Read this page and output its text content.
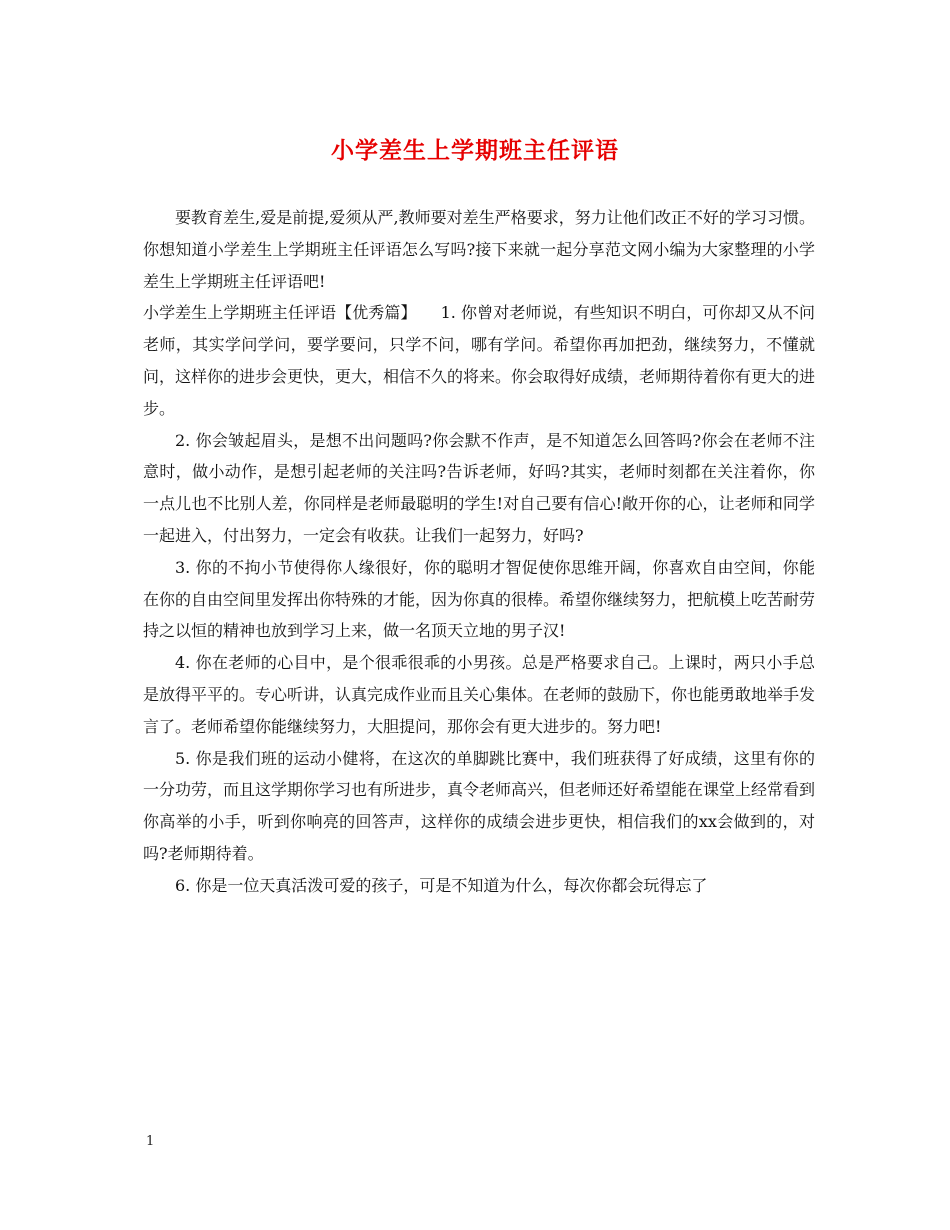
小学差生上学期班主任评语

要教育差生,爱是前提,爱须从严,教师要对差生严格要求，努力让他们改正不好的学习习惯。你想知道小学差生上学期班主任评语怎么写吗?接下来就一起分享范文网小编为大家整理的小学差生上学期班主任评语吧!

小学差生上学期班主任评语【优秀篇】 1. 你曾对老师说，有些知识不明白，可你却又从不问老师，其实学问学问，要学要问，只学不问，哪有学问。希望你再加把劲，继续努力，不懂就问，这样你的进步会更快，更大，相信不久的将来。你会取得好成绩，老师期待着你有更大的进步。

2. 你会皱起眉头，是想不出问题吗?你会默不作声，是不知道怎么回答吗?你会在老师不注意时，做小动作，是想引起老师的关注吗?告诉老师，好吗?其实，老师时刻都在关注着你，你一点儿也不比别人差，你同样是老师最聪明的学生!对自己要有信心!敞开你的心，让老师和同学一起进入，付出努力，一定会有收获。让我们一起努力，好吗?

3. 你的不拘小节使得你人缘很好，你的聪明才智促使你思维开阔，你喜欢自由空间，你能在你的自由空间里发挥出你特殊的才能，因为你真的很棒。希望你继续努力，把航模上吃苦耐劳持之以恒的精神也放到学习上来，做一名顶天立地的男子汉!

4. 你在老师的心目中，是个很乖很乖的小男孩。总是严格要求自己。上课时，两只小手总是放得平平的。专心听讲，认真完成作业而且关心集体。在老师的鼓励下，你也能勇敢地举手发言了。老师希望你能继续努力，大胆提问，那你会有更大进步的。努力吧!

5. 你是我们班的运动小健将，在这次的单脚跳比赛中，我们班获得了好成绩，这里有你的一分功劳，而且这学期你学习也有所进步，真令老师高兴，但老师还好希望能在课堂上经常看到你高举的小手，听到你响亮的回答声，这样你的成绩会进步更快，相信我们的xx会做到的，对吗?老师期待着。

6. 你是一位天真活泼可爱的孩子，可是不知道为什么，每次你都会玩得忘了

1
